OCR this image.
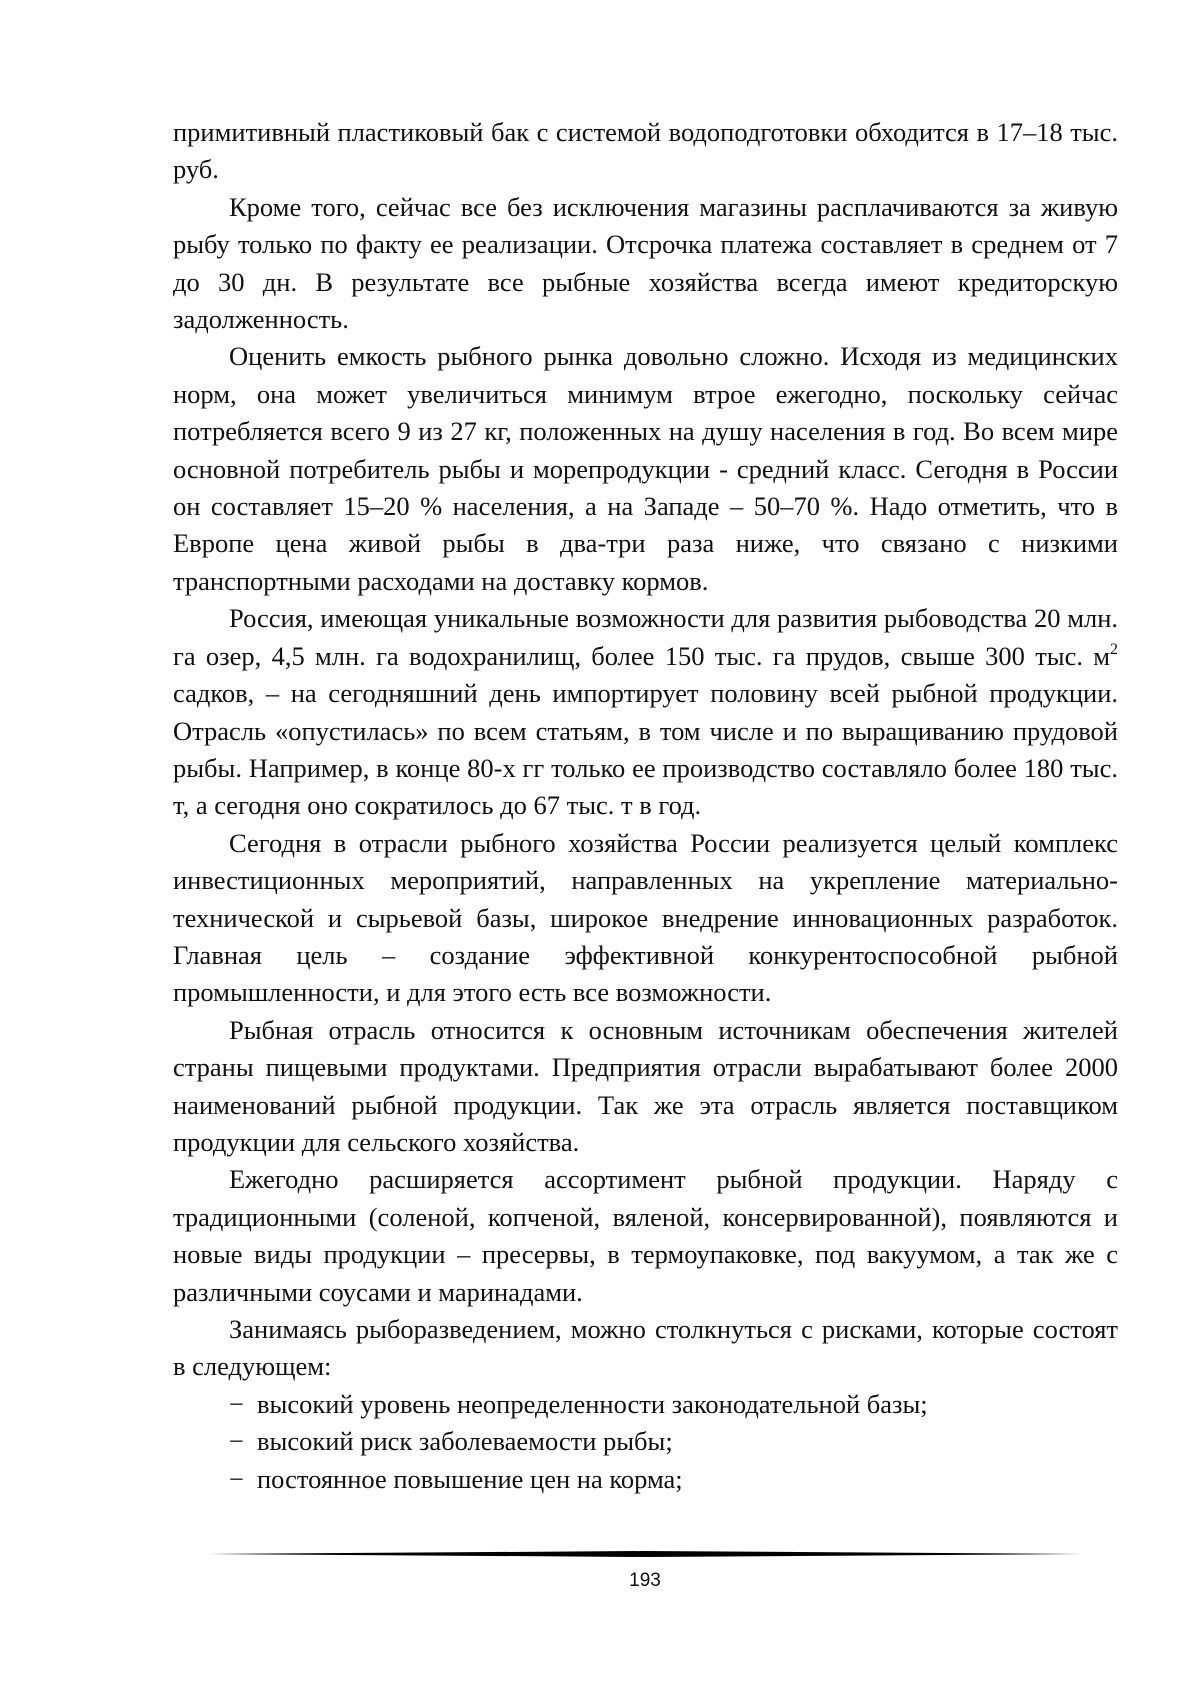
примитивный пластиковый бак с системой водоподготовки обходится в 17–18 тыс. руб.

Кроме того, сейчас все без исключения магазины расплачиваются за живую рыбу только по факту ее реализации. Отсрочка платежа составляет в среднем от 7 до 30 дн. В результате все рыбные хозяйства всегда имеют кредиторскую задолженность.

Оценить емкость рыбного рынка довольно сложно. Исходя из медицинских норм, она может увеличиться минимум втрое ежегодно, поскольку сейчас потребляется всего 9 из 27 кг, положенных на душу населения в год. Во всем мире основной потребитель рыбы и морепродукции - средний класс. Сегодня в России он составляет 15–20 % населения, а на Западе – 50–70 %. Надо отметить, что в Европе цена живой рыбы в два-три раза ниже, что связано с низкими транспортными расходами на доставку кормов.

Россия, имеющая уникальные возможности для развития рыбоводства 20 млн. га озер, 4,5 млн. га водохранилищ, более 150 тыс. га прудов, свыше 300 тыс. $м^2$ садков, – на сегодняшний день импортирует половину всей рыбной продукции. Отрасль «опустилась» по всем статьям, в том числе и по выращиванию прудовой рыбы. Например, в конце 80-х гг только ее производство составляло более 180 тыс. т, а сегодня оно сократилось до 67 тыс. т в год.

Сегодня в отрасли рыбного хозяйства России реализуется целый комплекс инвестиционных мероприятий, направленных на укрепление материально-технической и сырьевой базы, широкое внедрение инновационных разработок. Главная цель – создание эффективной конкурентоспособной рыбной промышленности, и для этого есть все возможности.

Рыбная отрасль относится к основным источникам обеспечения жителей страны пищевыми продуктами. Предприятия отрасли вырабатывают более 2000 наименований рыбной продукции. Так же эта отрасль является поставщиком продукции для сельского хозяйства.

Ежегодно расширяется ассортимент рыбной продукции. Наряду с традиционными (соленой, копченой, вяленой, консервированной), появляются и новые виды продукции – пресервы, в термоупаковке, под вакуумом, а так же с различными соусами и маринадами.

Занимаясь рыборазведением, можно столкнуться с рисками, которые состоят в следующем:

− высокий уровень неопределенности законодательной базы;
− высокий риск заболеваемости рыбы;
− постоянное повышение цен на корма;
193
